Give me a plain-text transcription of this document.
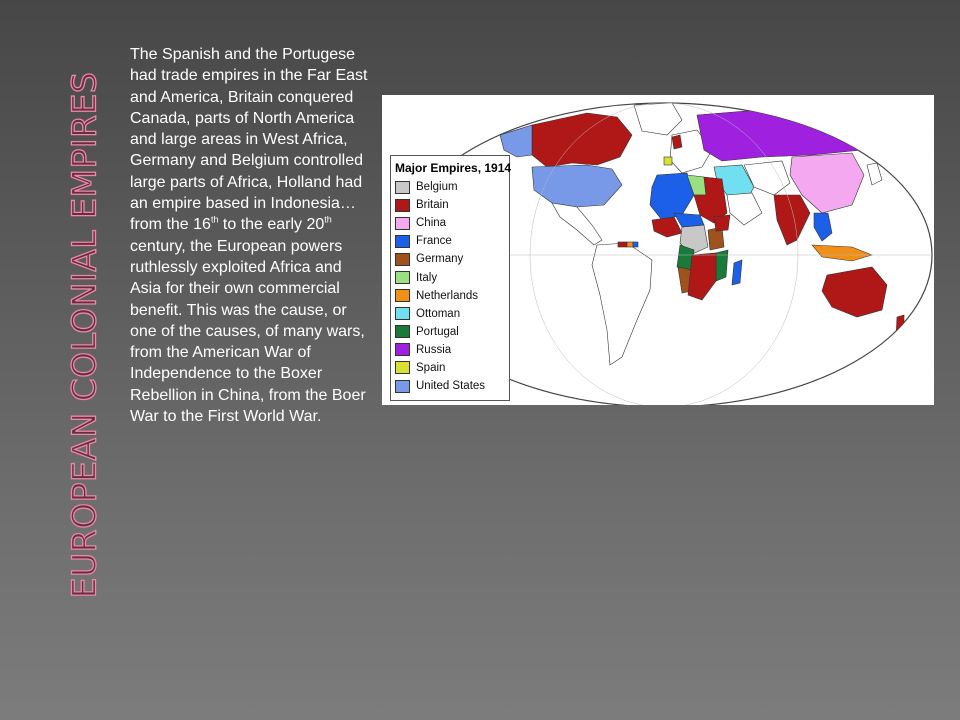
EUROPEAN COLONIAL EMPIRES

The Spanish and the Portugese had trade empires in the Far East and America, Britain conquered Canada, parts of North America and large areas in West Africa, Germany and Belgium controlled large parts of Africa, Holland had an empire based in Indonesia…from the 16th to the early 20th century, the European powers ruthlessly exploited Africa and Asia for their own commercial benefit. This was the cause, or one of the causes, of many wars, from the American War of Independence to the Boxer Rebellion in China, from the Boer War to the First World War.

Major Empires, 1914
Belgium
Britain
China
France
Germany
Italy
Netherlands
Ottoman
Portugal
Russia
Spain
United States
